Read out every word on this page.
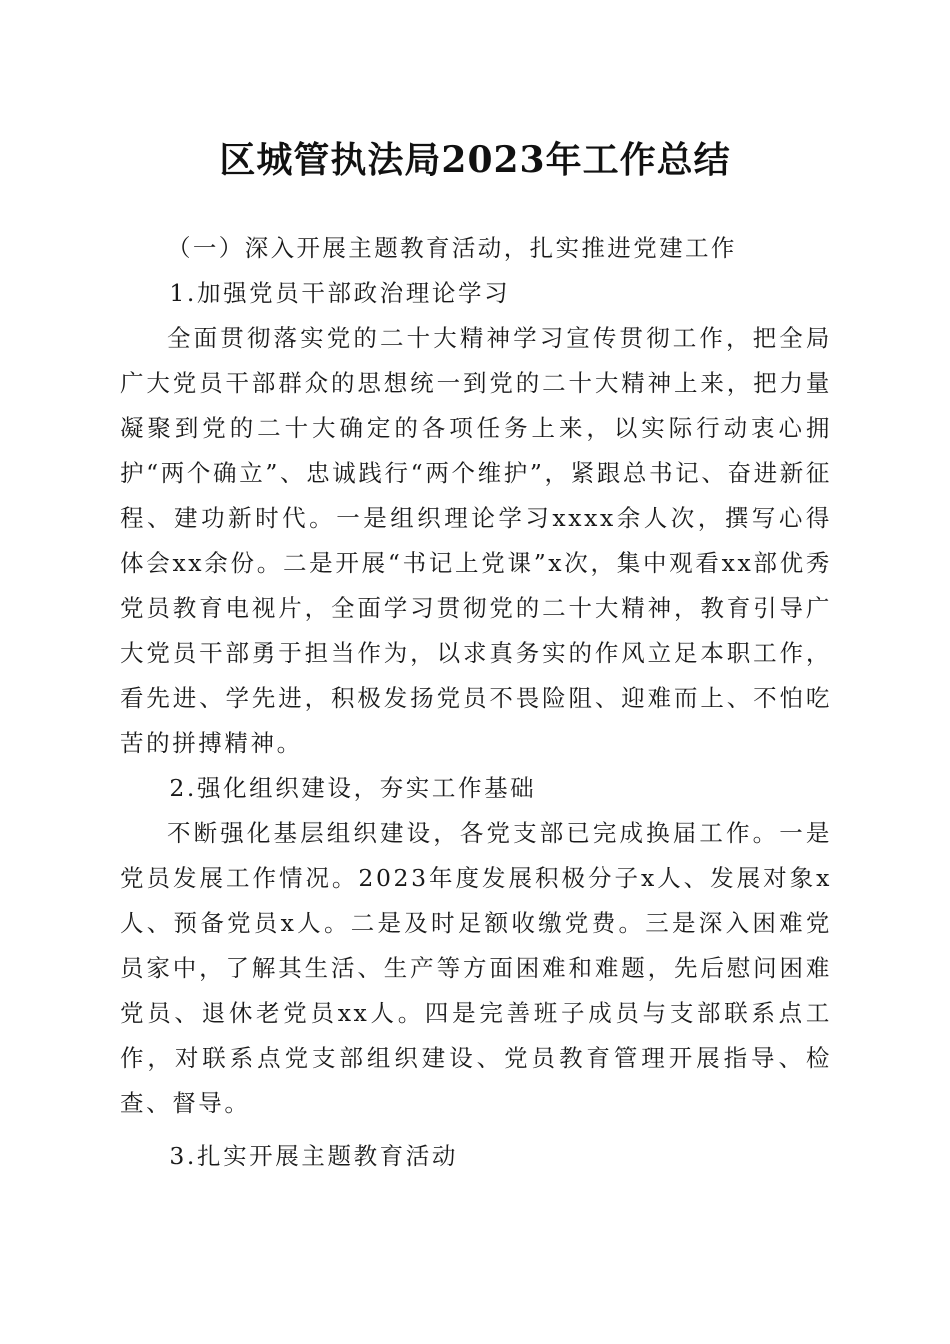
区城管执法局2023年工作总结

（一）深入开展主题教育活动，扎实推进党建工作

1.加强党员干部政治理论学习

全面贯彻落实党的二十大精神学习宣传贯彻工作，把全局广大党员干部群众的思想统一到党的二十大精神上来，把力量凝聚到党的二十大确定的各项任务上来，以实际行动衷心拥护“两个确立”、忠诚践行“两个维护”，紧跟总书记、奋进新征程、建功新时代。一是组织理论学习xxxx余人次，撰写心得体会xx余份。二是开展“书记上党课”x次，集中观看xx部优秀党员教育电视片，全面学习贯彻党的二十大精神，教育引导广大党员干部勇于担当作为，以求真务实的作风立足本职工作，看先进、学先进，积极发扬党员不畏险阻、迎难而上、不怕吃苦的拼搏精神。

2.强化组织建设，夯实工作基础

不断强化基层组织建设，各党支部已完成换届工作。一是党员发展工作情况。2023年度发展积极分子x人、发展对象x人、预备党员x人。二是及时足额收缴党费。三是深入困难党员家中，了解其生活、生产等方面困难和难题，先后慰问困难党员、退休老党员xx人。四是完善班子成员与支部联系点工作，对联系点党支部组织建设、党员教育管理开展指导、检查、督导。

3.扎实开展主题教育活动
